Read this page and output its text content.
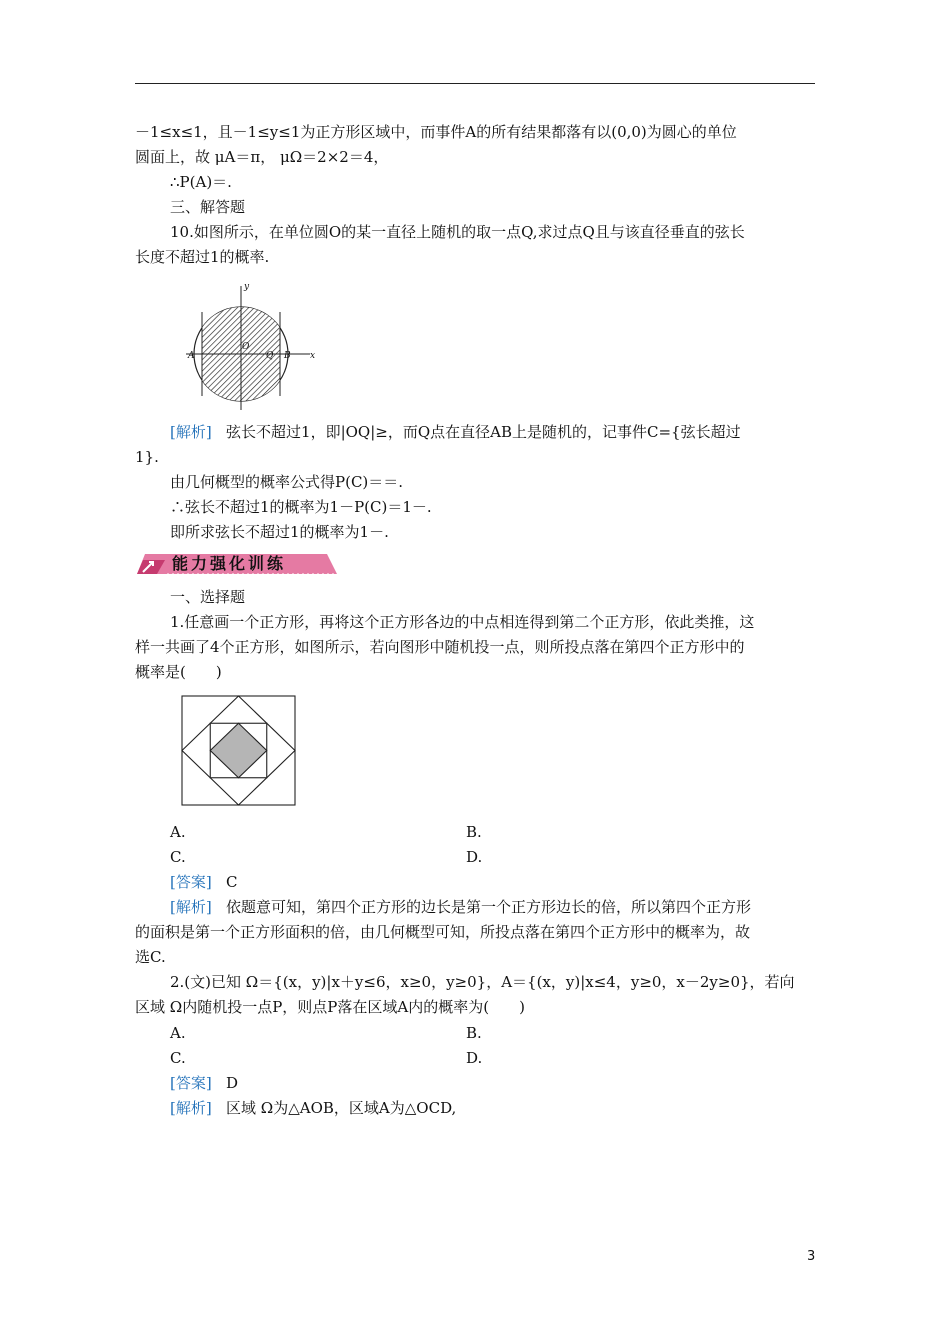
－1≤x≤1，且－1≤y≤1为正方形区域中，而事件A的所有结果都落有以(0,0)为圆心的单位
圆面上，故 μA＝π， μΩ＝2×2＝4，
∴P(A)＝.
三、解答题
10.如图所示，在单位圆O的某一直径上随机的取一点Q,求过点Q且与该直径垂直的弦长
长度不超过1的概率.
y
x
O
A	Q B
[解析] 弦长不超过1，即|OQ|≥，而Q点在直径AB上是随机的，记事件C={弦长超过
1}.
由几何概型的概率公式得P(C)＝＝.
∴弦长不超过1的概率为1－P(C)＝1－.
即所求弦长不超过1的概率为1－.
能力强化训练
一、选择题
1.任意画一个正方形，再将这个正方形各边的中点相连得到第二个正方形，依此类推，这
样一共画了4个正方形，如图所示，若向图形中随机投一点，则所投点落在第四个正方形中的
概率是(　　)
A.	B.
C.	D.
[答案] C
[解析] 依题意可知，第四个正方形的边长是第一个正方形边长的倍，所以第四个正方形
的面积是第一个正方形面积的倍，由几何概型可知，所投点落在第四个正方形中的概率为，故
选C.
2.(文)已知 Ω＝{(x，y)|x＋y≤6，x≥0，y≥0}，A＝{(x，y)|x≤4，y≥0，x－2y≥0}，若向
区域 Ω内随机投一点P，则点P落在区域A内的概率为(　　)
A.	B.
C.	D.
[答案] D
[解析] 区域 Ω为△AOB，区域A为△OCD,
3
